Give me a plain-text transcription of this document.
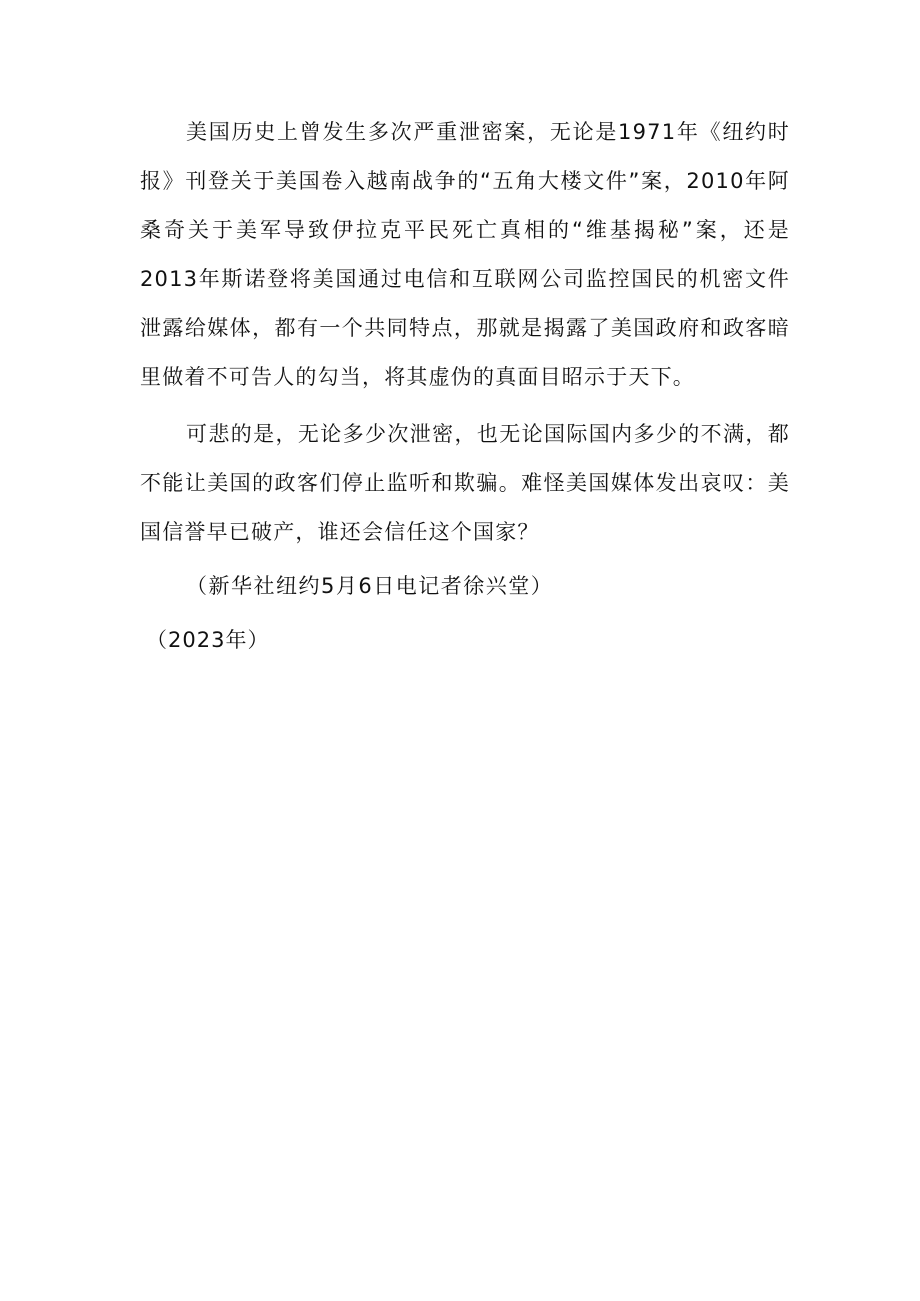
美国历史上曾发生多次严重泄密案，无论是1971年《纽约时报》刊登关于美国卷入越南战争的“五角大楼文件”案，2010年阿桑奇关于美军导致伊拉克平民死亡真相的“维基揭秘”案，还是2013年斯诺登将美国通过电信和互联网公司监控国民的机密文件泄露给媒体，都有一个共同特点，那就是揭露了美国政府和政客暗里做着不可告人的勾当，将其虚伪的真面目昭示于天下。

可悲的是，无论多少次泄密，也无论国际国内多少的不满，都不能让美国的政客们停止监听和欺骗。难怪美国媒体发出哀叹：美国信誉早已破产，谁还会信任这个国家？

（新华社纽约5月6日电记者徐兴堂）

（2023年）
